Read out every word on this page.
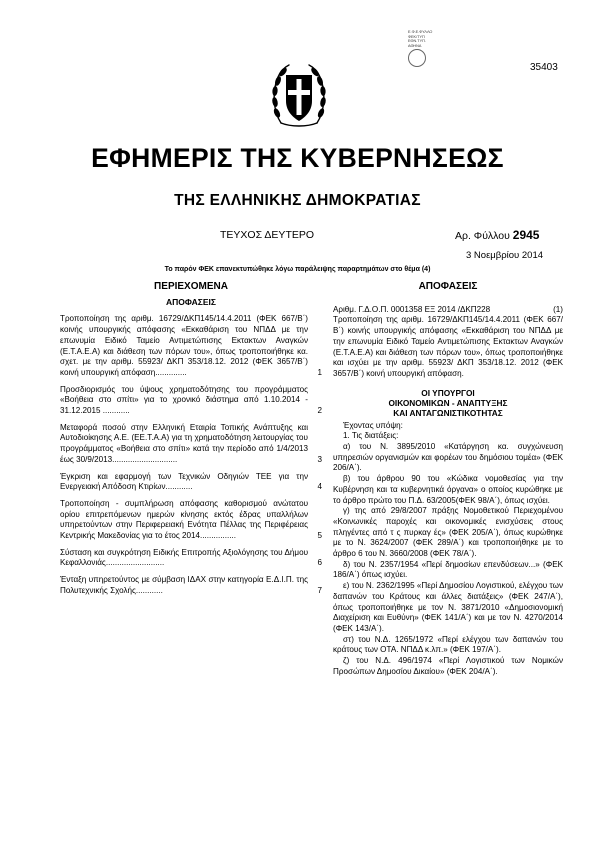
Ε.Φ.Ε.ΦΥΛΛΟ
ΦΕΚ/ΤΥΠ
ΕΘΝ.ΤΥΠ.
ΑΘΗΝΑ
35403
ΕΦΗΜΕΡΙΣ ΤΗΣ ΚΥΒΕΡΝΗΣΕΩΣ
ΤΗΣ ΕΛΛΗΝΙΚΗΣ ΔΗΜΟΚΡΑΤΙΑΣ
ΤΕΥΧΟΣ ΔΕΥΤΕΡΟ	Αρ. Φύλλου 2945
3 Νοεμβρίου 2014
Το παρόν ΦΕΚ επανεκτυπώθηκε λόγω παράλειψης παραρτημάτων στο θέμα (4)

ΠΕΡΙΕΧΟΜΕΝΑ

ΑΠΟΦΑΣΕΙΣ

Τροποποίηση της αριθμ. 16729/ΔΚΠ145/14.4.2011 (ΦΕΚ 667/Β΄) κοινής υπουργικής απόφασης «Εκκαθάριση του ΝΠΔΔ με την επωνυμία Ειδικό Ταμείο Αντιμετώπισης Εκτακτων Αναγκών (Ε.Τ.Α.Ε.Α) και διάθεση των πόρων του», όπως τροποποιήθηκε κα. σχετ. με την αριθμ. 55923/ ΔΚΠ 353/18.12. 2012 (ΦΕΚ 3657/Β΄) κοινή υπουργική απόφαση..............	1

Προσδιορισμός του ύψους χρηματοδότησης του προγράμματος «Βοήθεια στο σπίτι» για το χρονικό διάστημα από 1.10.2014 - 31.12.2015 ............	2

Μεταφορά ποσού στην Ελληνική Εταιρία Τοπικής Ανάπτυξης και Αυτοδιοίκησης Α.Ε. (ΕΕ.Τ.Α.Α) για τη χρηματοδότηση λειτουργίας του προγράμματος «Βοήθεια στο σπίτι» κατά την περίοδο από 1/4/2013 έως 30/9/2013.............................	3

Έγκριση και εφαρμογή των Τεχνικών Οδηγιών ΤΕΕ για την Ενεργειακή Απόδοση Κτιρίων............	4

Τροποποίηση - συμπλήρωση απόφασης καθορισμού ανώτατου ορίου επιτρεπόμενων ημερών κίνησης εκτός έδρας υπαλλήλων υπηρετούντων στην Περιφερειακή Ενότητα Πέλλας της Περιφέρειας Κεντρικής Μακεδονίας για το έτος 2014................	5

Σύσταση και συγκρότηση Ειδικής Επιτροπής Αξιολόγησης του Δήμου Κεφαλλονιάς..........................	6

Ένταξη υπηρετούντος με σύμβαση ΙΔΑΧ στην κατηγορία Ε.Δ.Ι.Π. της Πολυτεχνικής Σχολής............	7

ΑΠΟΦΑΣΕΙΣ

Αριθμ. Γ.Δ.Ο.Π. 0001358 ΕΞ 2014 /ΔΚΠ228	(1)

Τροποποίηση της αριθμ. 16729/ΔΚΠ145/14.4.2011 (ΦΕΚ 667/Β΄) κοινής υπουργικής απόφασης «Εκκαθάριση του ΝΠΔΔ με την επωνυμία Ειδικό Ταμείο Αντιμετώπισης Εκτακτων Αναγκών (Ε.Τ.Α.Ε.Α) και διάθεση των πόρων του», όπως τροποποιήθηκε και ισχύει με την αριθμ. 55923/ ΔΚΠ 353/18.12. 2012 (ΦΕΚ 3657/Β΄) κοινή υπουργική απόφαση.

ΟΙ ΥΠΟΥΡΓΟΙ
ΟΙΚΟΝΟΜΙΚΩΝ - ΑΝΑΠΤΥΞΗΣ
ΚΑΙ ΑΝΤΑΓΩΝΙΣΤΙΚΟΤΗΤΑΣ

Έχοντας υπόψη:

1. Τις διατάξεις:

α) του Ν. 3895/2010 «Κατάργηση κα. συγχώνευση υπηρεσιών οργανισμών και φορέων του δημόσιου τομέα» (ΦΕΚ 206/Α΄).

β) του άρθρου 90 του «Κώδικα νομοθεσίας για την Κυβέρνηση και τα κυβερνητικά όργανα» ο οποίος κυρώθηκε με το άρθρο πρώτο του Π.Δ. 63/2005(ΦΕΚ 98/Α΄), όπως ισχύει.

γ) της από 29/8/2007 πράξης Νομοθετικού Περιεχομένου «Κοινωνικές παροχές και οικονομικές ενισχύσεις στους πληγέντες από τ ς πυρκαγ ές» (ΦΕΚ 205/Α΄), όπως κυρώθηκε με το Ν. 3624/2007 (ΦΕΚ 289/Α΄) και τροποποιήθηκε με το άρθρο 6 του Ν. 3660/2008 (ΦΕΚ 78/Α΄).

δ) του Ν. 2357/1954 «Περί δημοσίων επενδύσεων...» (ΦΕΚ 186/Α΄) όπως ισχύει.

ε) του Ν. 2362/1995 «Περί Δημοσίου Λογιστικού, ελέγχου των δαπανών του Κράτους και άλλες διατάξεις» (ΦΕΚ 247/Α΄), όπως τροποποιήθηκε με τον Ν. 3871/2010 «Δημοσιονομική Διαχείριση και Ευθύνη» (ΦΕΚ 141/Α΄) και με τον Ν. 4270/2014 (ΦΕΚ 143/Α΄).

στ) του Ν.Δ. 1265/1972 «Περί ελέγχου των δαπανών του κράτους των ΟΤΑ. ΝΠΔΔ κ.λπ.» (ΦΕΚ 197/Α΄).

ζ) του Ν.Δ. 496/1974 «Περί Λογιστικού των Νομικών Προσώπων Δημοσίου Δικαίου» (ΦΕΚ 204/Α΄).
